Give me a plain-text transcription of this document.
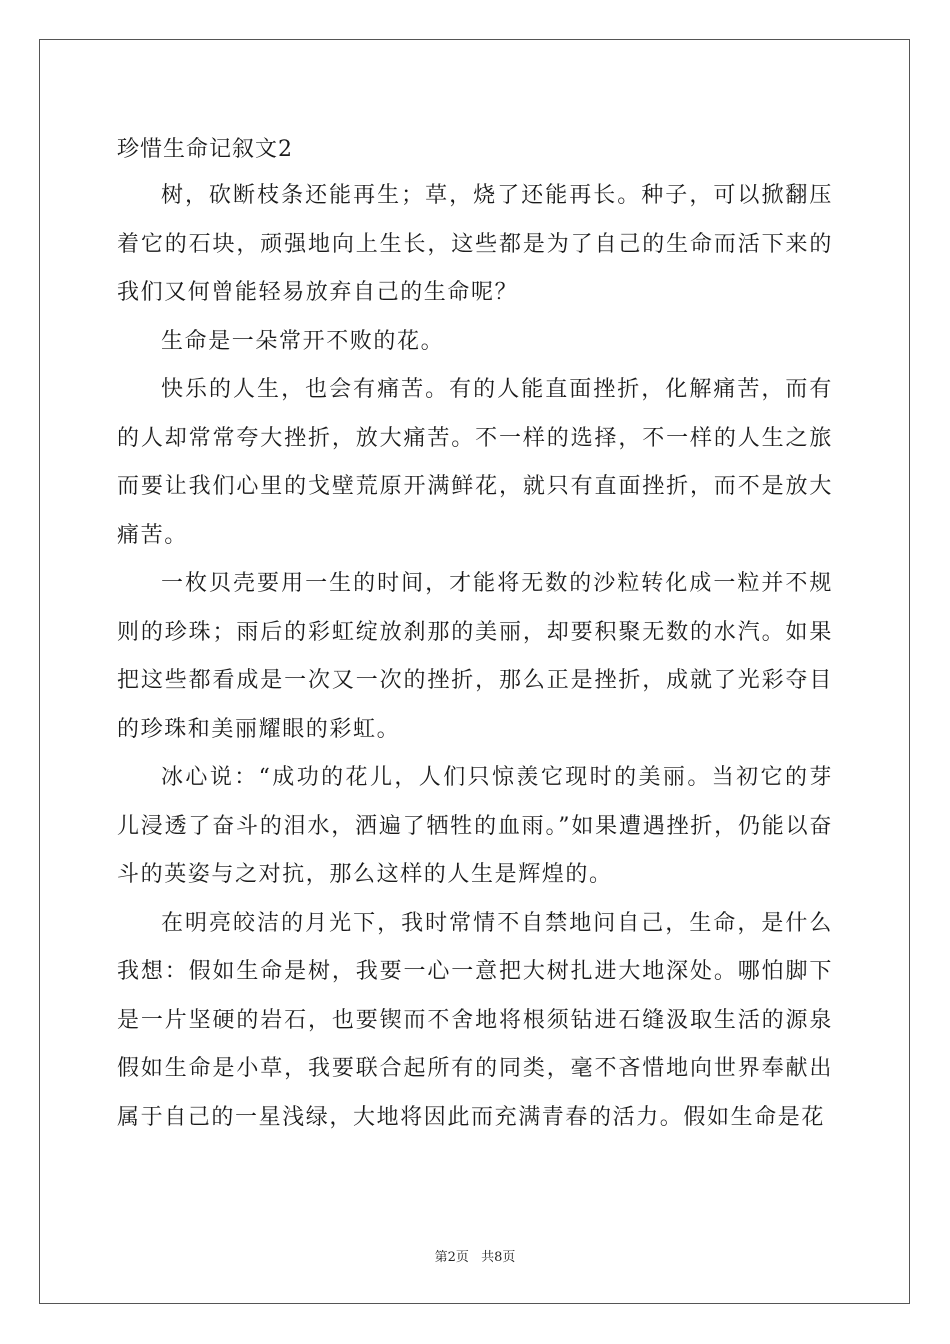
珍惜生命记叙文2

树，砍断枝条还能再生；草，烧了还能再长。种子，可以掀翻压着它的石块，顽强地向上生长，这些都是为了自己的生命而活下来的我们又何曾能轻易放弃自己的生命呢？

生命是一朵常开不败的花。

快乐的人生，也会有痛苦。有的人能直面挫折，化解痛苦，而有的人却常常夸大挫折，放大痛苦。不一样的选择，不一样的人生之旅而要让我们心里的戈壁荒原开满鲜花，就只有直面挫折，而不是放大痛苦。

一枚贝壳要用一生的时间，才能将无数的沙粒转化成一粒并不规则的珍珠；雨后的彩虹绽放刹那的美丽，却要积聚无数的水汽。如果把这些都看成是一次又一次的挫折，那么正是挫折，成就了光彩夺目的珍珠和美丽耀眼的彩虹。

冰心说：“成功的花儿，人们只惊羡它现时的美丽。当初它的芽儿浸透了奋斗的泪水，洒遍了牺牲的血雨。”如果遭遇挫折，仍能以奋斗的英姿与之对抗，那么这样的人生是辉煌的。

在明亮皎洁的月光下，我时常情不自禁地问自己，生命，是什么我想：假如生命是树，我要一心一意把大树扎进大地深处。哪怕脚下是一片坚硬的岩石，也要锲而不舍地将根须钻进石缝汲取生活的源泉假如生命是小草，我要联合起所有的同类，毫不吝惜地向世界奉献出属于自己的一星浅绿，大地将因此而充满青春的活力。假如生命是花

第2页 共8页
